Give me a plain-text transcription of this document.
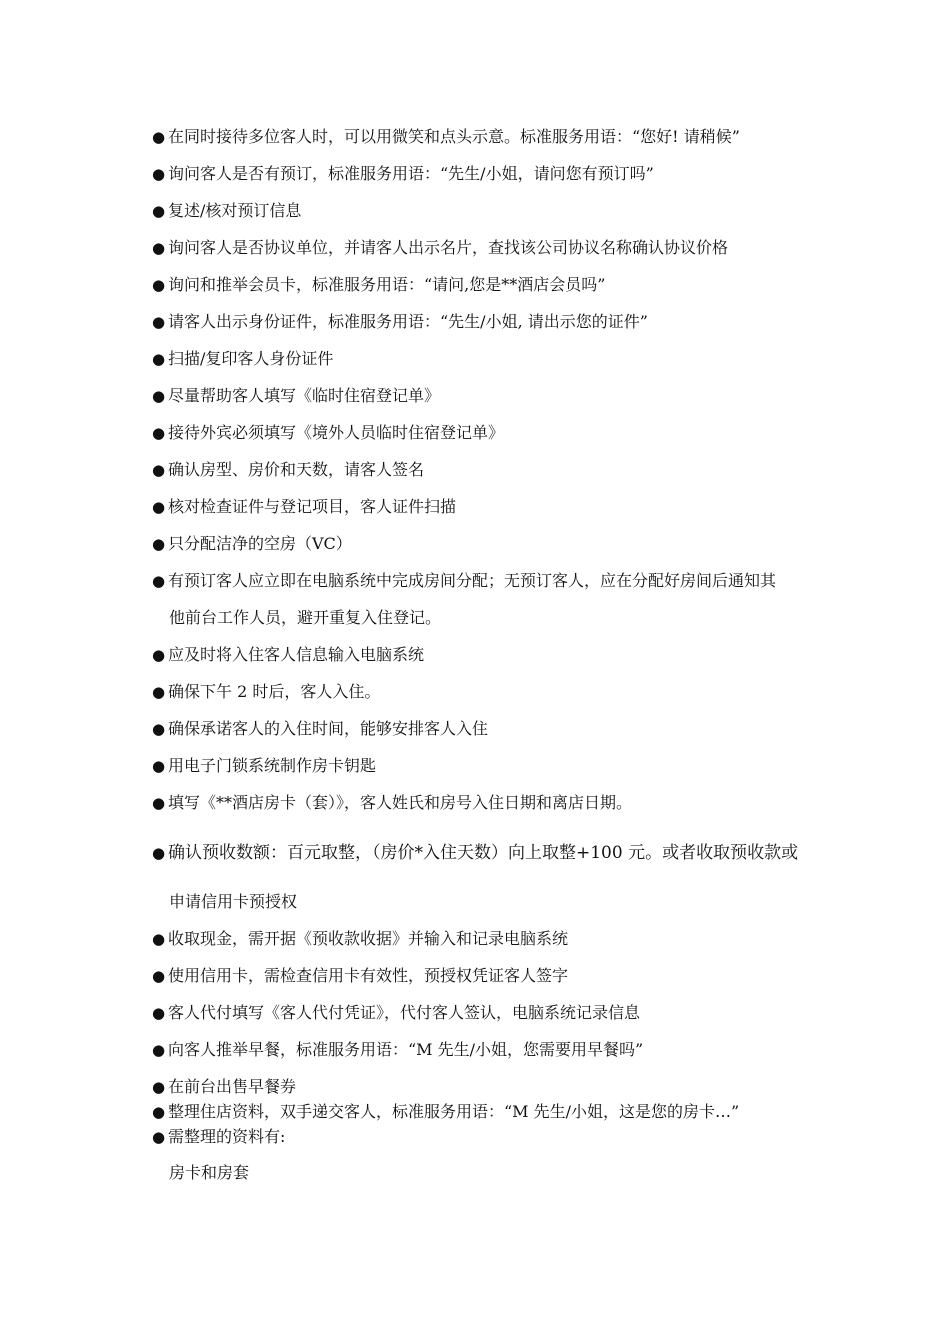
● 在同时接待多位客人时，可以用微笑和点头示意。标准服务用语：“您好! 请稍候”
● 询问客人是否有预订，标准服务用语：“先生/小姐，请问您有预订吗”
● 复述/核对预订信息
● 询问客人是否协议单位，并请客人出示名片，查找该公司协议名称确认协议价格
● 询问和推举会员卡，标准服务用语：“请问,您是**酒店会员吗”
● 请客人出示身份证件，标准服务用语：“先生/小姐, 请出示您的证件”
● 扫描/复印客人身份证件
● 尽量帮助客人填写《临时住宿登记单》
● 接待外宾必须填写《境外人员临时住宿登记单》
● 确认房型、房价和天数，请客人签名
● 核对检查证件与登记项目，客人证件扫描
● 只分配洁净的空房（VC）
● 有预订客人应立即在电脑系统中完成房间分配；无预订客人，应在分配好房间后通知其
他前台工作人员，避开重复入住登记。
● 应及时将入住客人信息输入电脑系统
● 确保下午 2 时后，客人入住。
● 确保承诺客人的入住时间，能够安排客人入住
● 用电子门锁系统制作房卡钥匙
● 填写《**酒店房卡（套）》，客人姓氏和房号入住日期和离店日期。
● 确认预收数额：百元取整，（房价*入住天数）向上取整+100 元。或者收取预收款或
申请信用卡预授权
● 收取现金，需开据《预收款收据》并输入和记录电脑系统
● 使用信用卡，需检查信用卡有效性，预授权凭证客人签字
● 客人代付填写《客人代付凭证》，代付客人签认，电脑系统记录信息
● 向客人推举早餐，标准服务用语：“M 先生/小姐，您需要用早餐吗”
● 在前台出售早餐券
● 整理住店资料，双手递交客人，标准服务用语：“M 先生/小姐，这是您的房卡…”
● 需整理的资料有:
房卡和房套
